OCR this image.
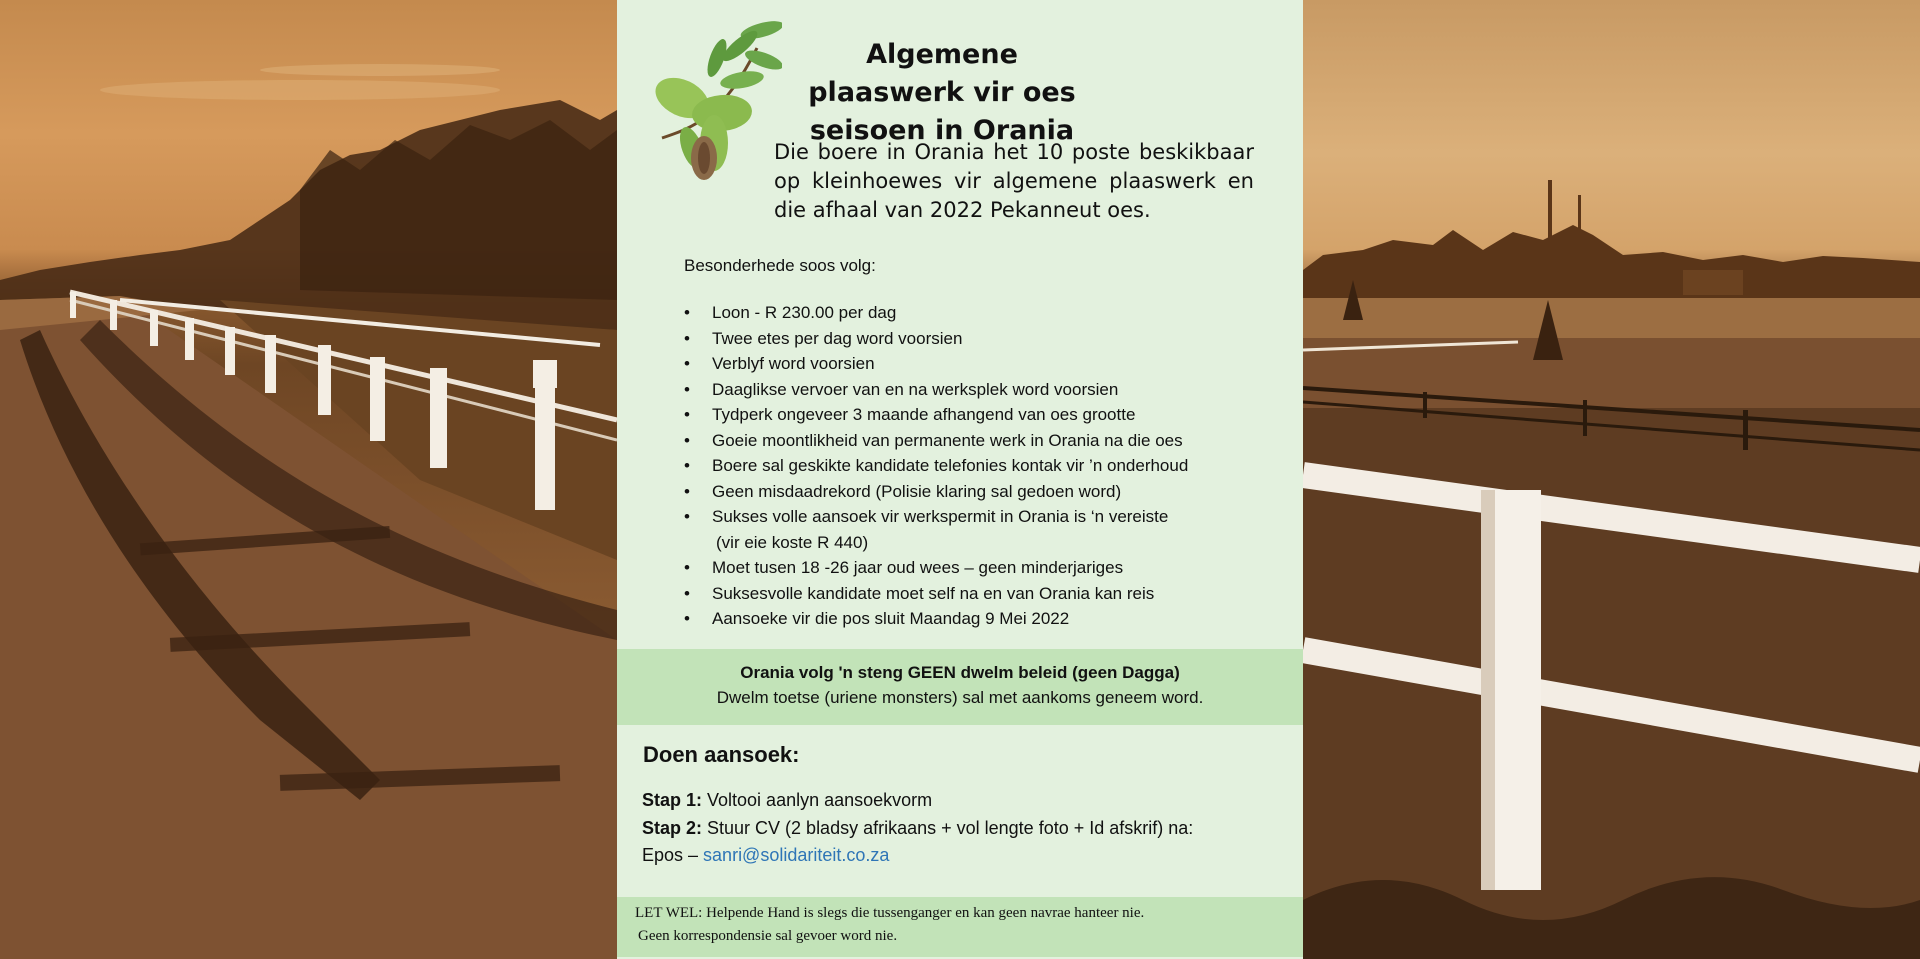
Algemene plaaswerk vir oes
seisoen in Orania
Die boere in Orania het 10 poste beskikbaar op kleinhoewes vir algemene plaaswerk en die afhaal van 2022 Pekanneut oes.
Besonderhede soos volg:
• Loon - R 230.00 per dag
• Twee etes per dag word voorsien
• Verblyf word voorsien
• Daaglikse vervoer van en na werksplek word voorsien
• Tydperk ongeveer 3 maande afhangend van oes grootte
• Goeie moontlikheid van permanente werk in Orania na die oes
• Boere sal geskikte kandidate telefonies kontak vir ’n onderhoud
• Geen misdaadrekord (Polisie klaring sal gedoen word)
• Sukses volle aansoek vir werkspermit in Orania is ‘n vereiste
(vir eie koste R 440)
• Moet tusen 18 -26 jaar oud wees – geen minderjariges
• Suksesvolle kandidate moet self na en van Orania kan reis
• Aansoeke vir die pos sluit Maandag 9 Mei 2022
Orania volg 'n steng GEEN dwelm beleid (geen Dagga)
Dwelm toetse (uriene monsters) sal met aankoms geneem word.
Doen aansoek:
Stap 1: Voltooi aanlyn aansoekvorm
Stap 2: Stuur CV (2 bladsy afrikaans + vol lengte foto + Id afskrif) na:
Epos – sanri@solidariteit.co.za
LET WEL: Helpende Hand is slegs die tussenganger en kan geen navrae hanteer nie.
Geen korrespondensie sal gevoer word nie.
